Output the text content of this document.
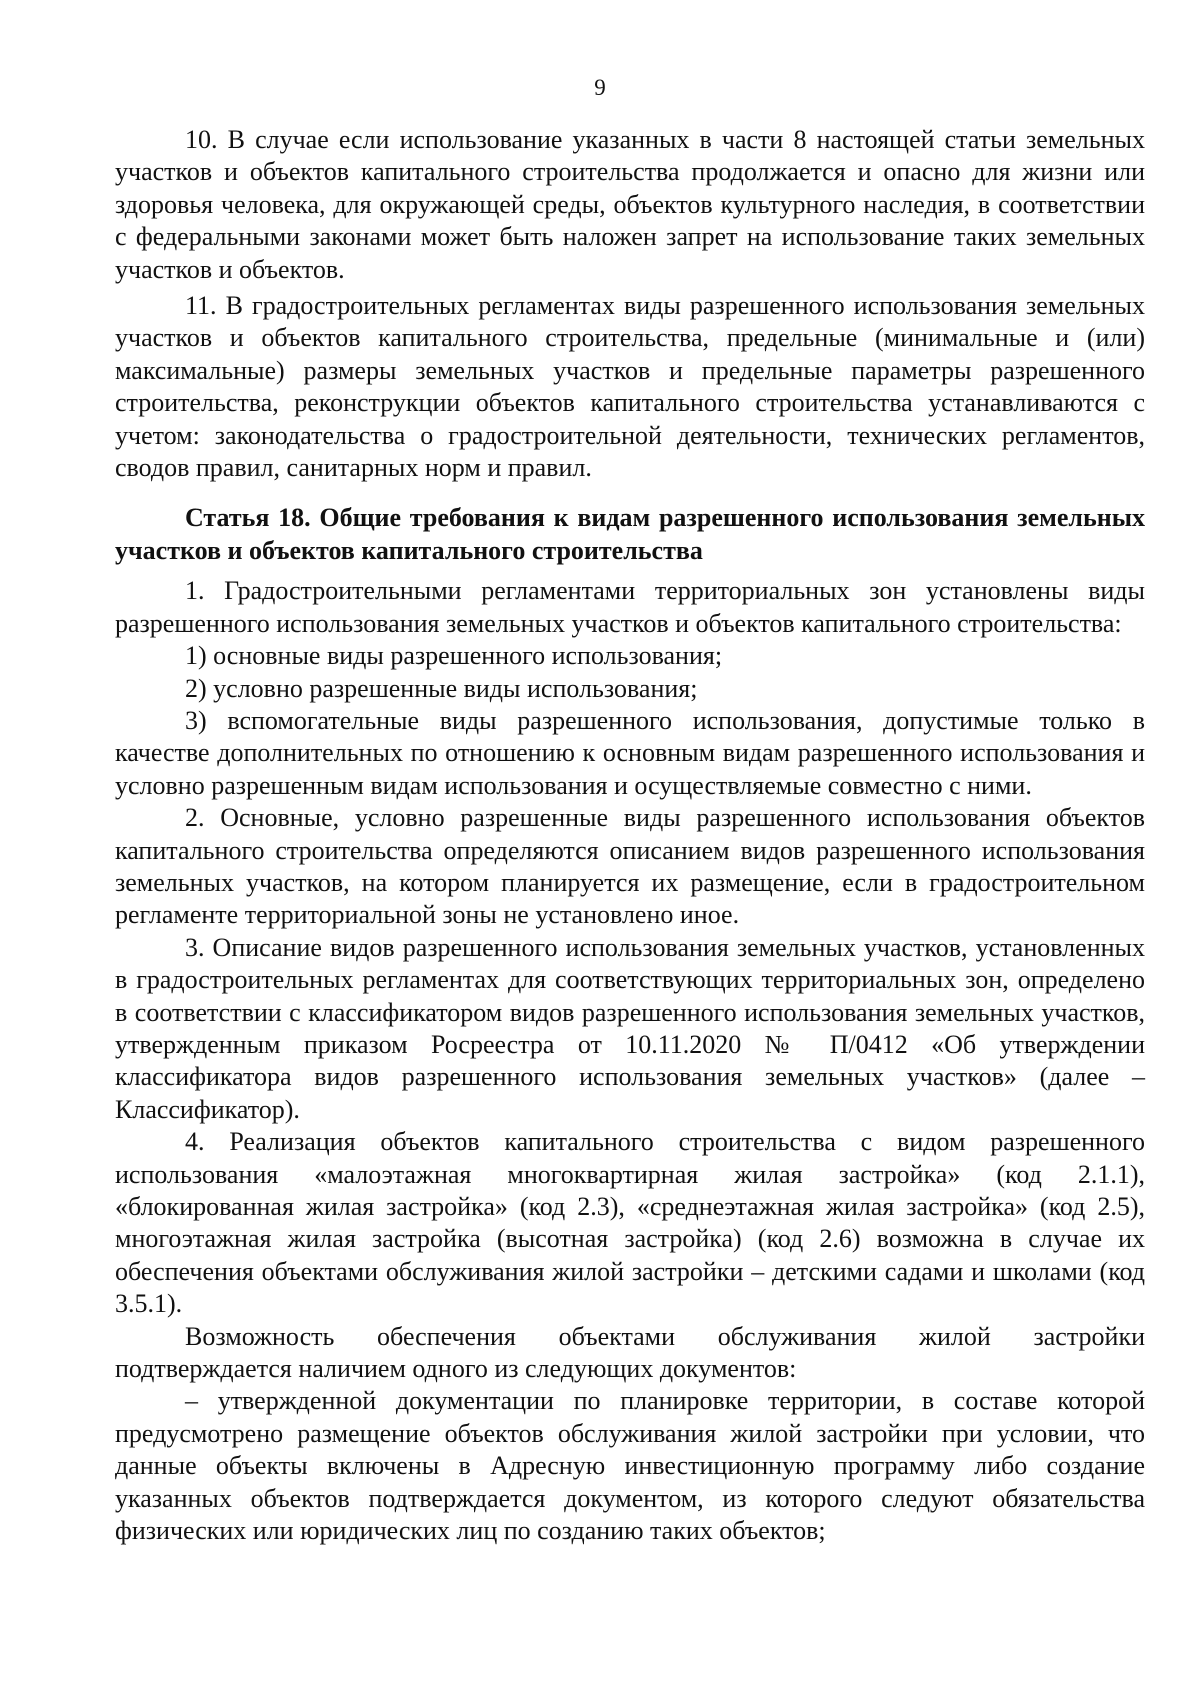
9

10. В случае если использование указанных в части 8 настоящей статьи земельных участков и объектов капитального строительства продолжается и опасно для жизни или здоровья человека, для окружающей среды, объектов культурного наследия, в соответствии с федеральными законами может быть наложен запрет на использование таких земельных участков и объектов.

11. В градостроительных регламентах виды разрешенного использования земельных участков и объектов капитального строительства, предельные (минимальные и (или) максимальные) размеры земельных участков и предельные параметры разрешенного строительства, реконструкции объектов капитального строительства устанавливаются с учетом: законодательства о градостроительной деятельности, технических регламентов, сводов правил, санитарных норм и правил.

Статья 18. Общие требования к видам разрешенного использования земельных участков и объектов капитального строительства

1. Градостроительными регламентами территориальных зон установлены виды разрешенного использования земельных участков и объектов капитального строительства:

1) основные виды разрешенного использования;

2) условно разрешенные виды использования;

3) вспомогательные виды разрешенного использования, допустимые только в качестве дополнительных по отношению к основным видам разрешенного использования и условно разрешенным видам использования и осуществляемые совместно с ними.

2. Основные, условно разрешенные виды разрешенного использования объектов капитального строительства определяются описанием видов разрешенного использования земельных участков, на котором планируется их размещение, если в градостроительном регламенте территориальной зоны не установлено иное.

3. Описание видов разрешенного использования земельных участков, установленных в градостроительных регламентах для соответствующих территориальных зон, определено в соответствии с классификатором видов разрешенного использования земельных участков, утвержденным приказом Росреестра от 10.11.2020 № П/0412 «Об утверждении классификатора видов разрешенного использования земельных участков» (далее – Классификатор).

4. Реализация объектов капитального строительства с видом разрешенного использования «малоэтажная многоквартирная жилая застройка» (код 2.1.1), «блокированная жилая застройка» (код 2.3), «среднеэтажная жилая застройка» (код 2.5), многоэтажная жилая застройка (высотная застройка) (код 2.6) возможна в случае их обеспечения объектами обслуживания жилой застройки – детскими садами и школами (код 3.5.1).

Возможность обеспечения объектами обслуживания жилой застройки подтверждается наличием одного из следующих документов:

– утвержденной документации по планировке территории, в составе которой предусмотрено размещение объектов обслуживания жилой застройки при условии, что данные объекты включены в Адресную инвестиционную программу либо создание указанных объектов подтверждается документом, из которого следуют обязательства физических или юридических лиц по созданию таких объектов;
